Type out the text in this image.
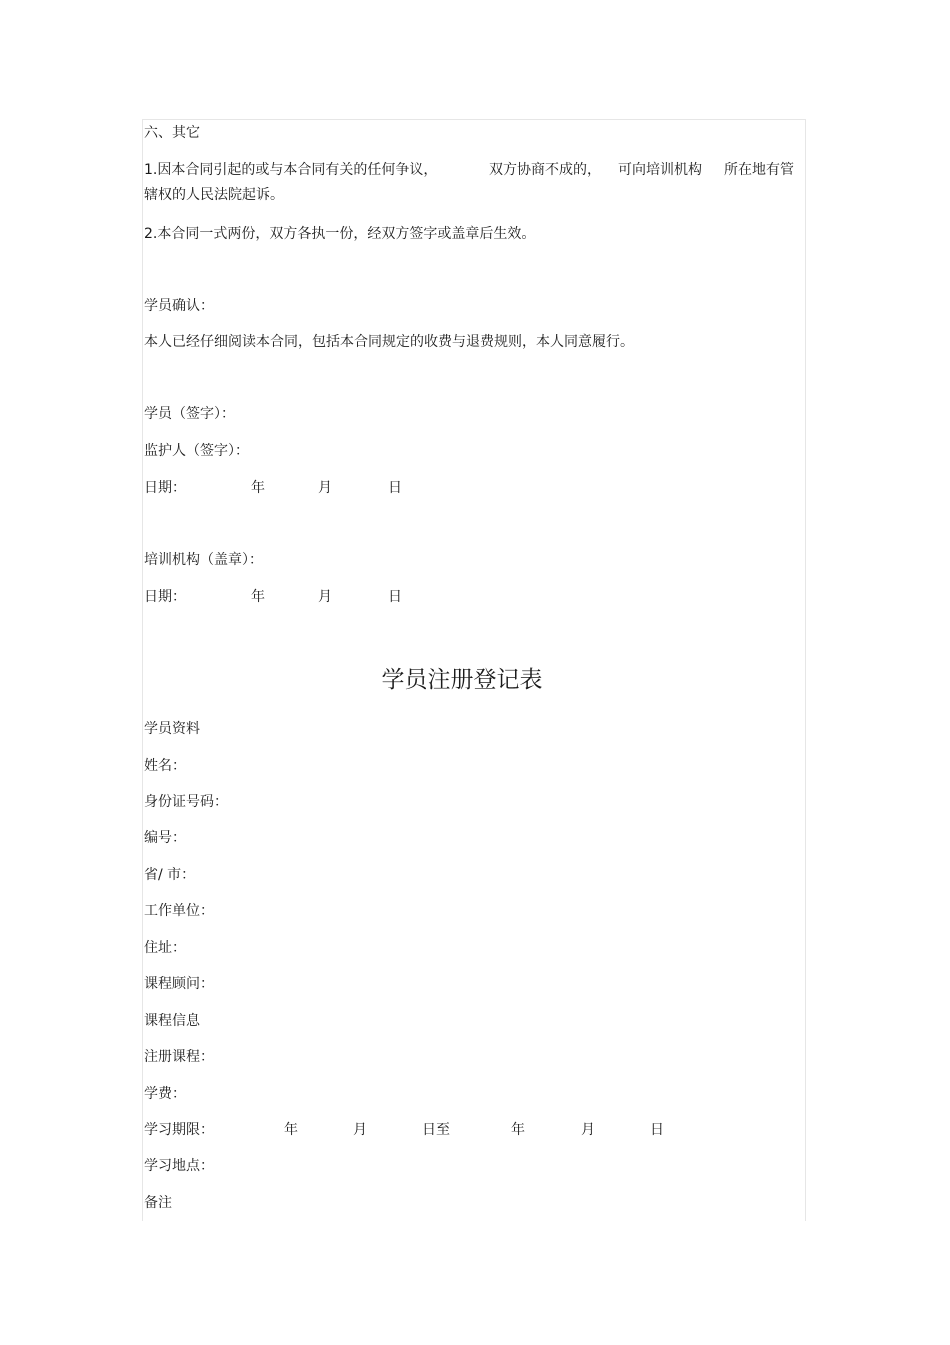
六、其它
1.因本合同引起的或与本合同有关的任何争议，	双方协商不成的， 可向培训机构 所在地有管
辖权的人民法院起诉。
2.本合同一式两份，双方各执一份，经双方签字或盖章后生效。
学员确认：
本人已经仔细阅读本合同，包括本合同规定的收费与退费规则，本人同意履行。
学员（签字）：
监护人（签字）：
日期：	年	月	日
培训机构（盖章）：
日期：	年	月	日
学员注册登记表
学员资料
姓名：
身份证号码：
编号：
省/ 市：
工作单位：
住址：
课程顾问：
课程信息
注册课程：
学费：
学习期限：	年	月	日至	年	月	日
学习地点：
备注
